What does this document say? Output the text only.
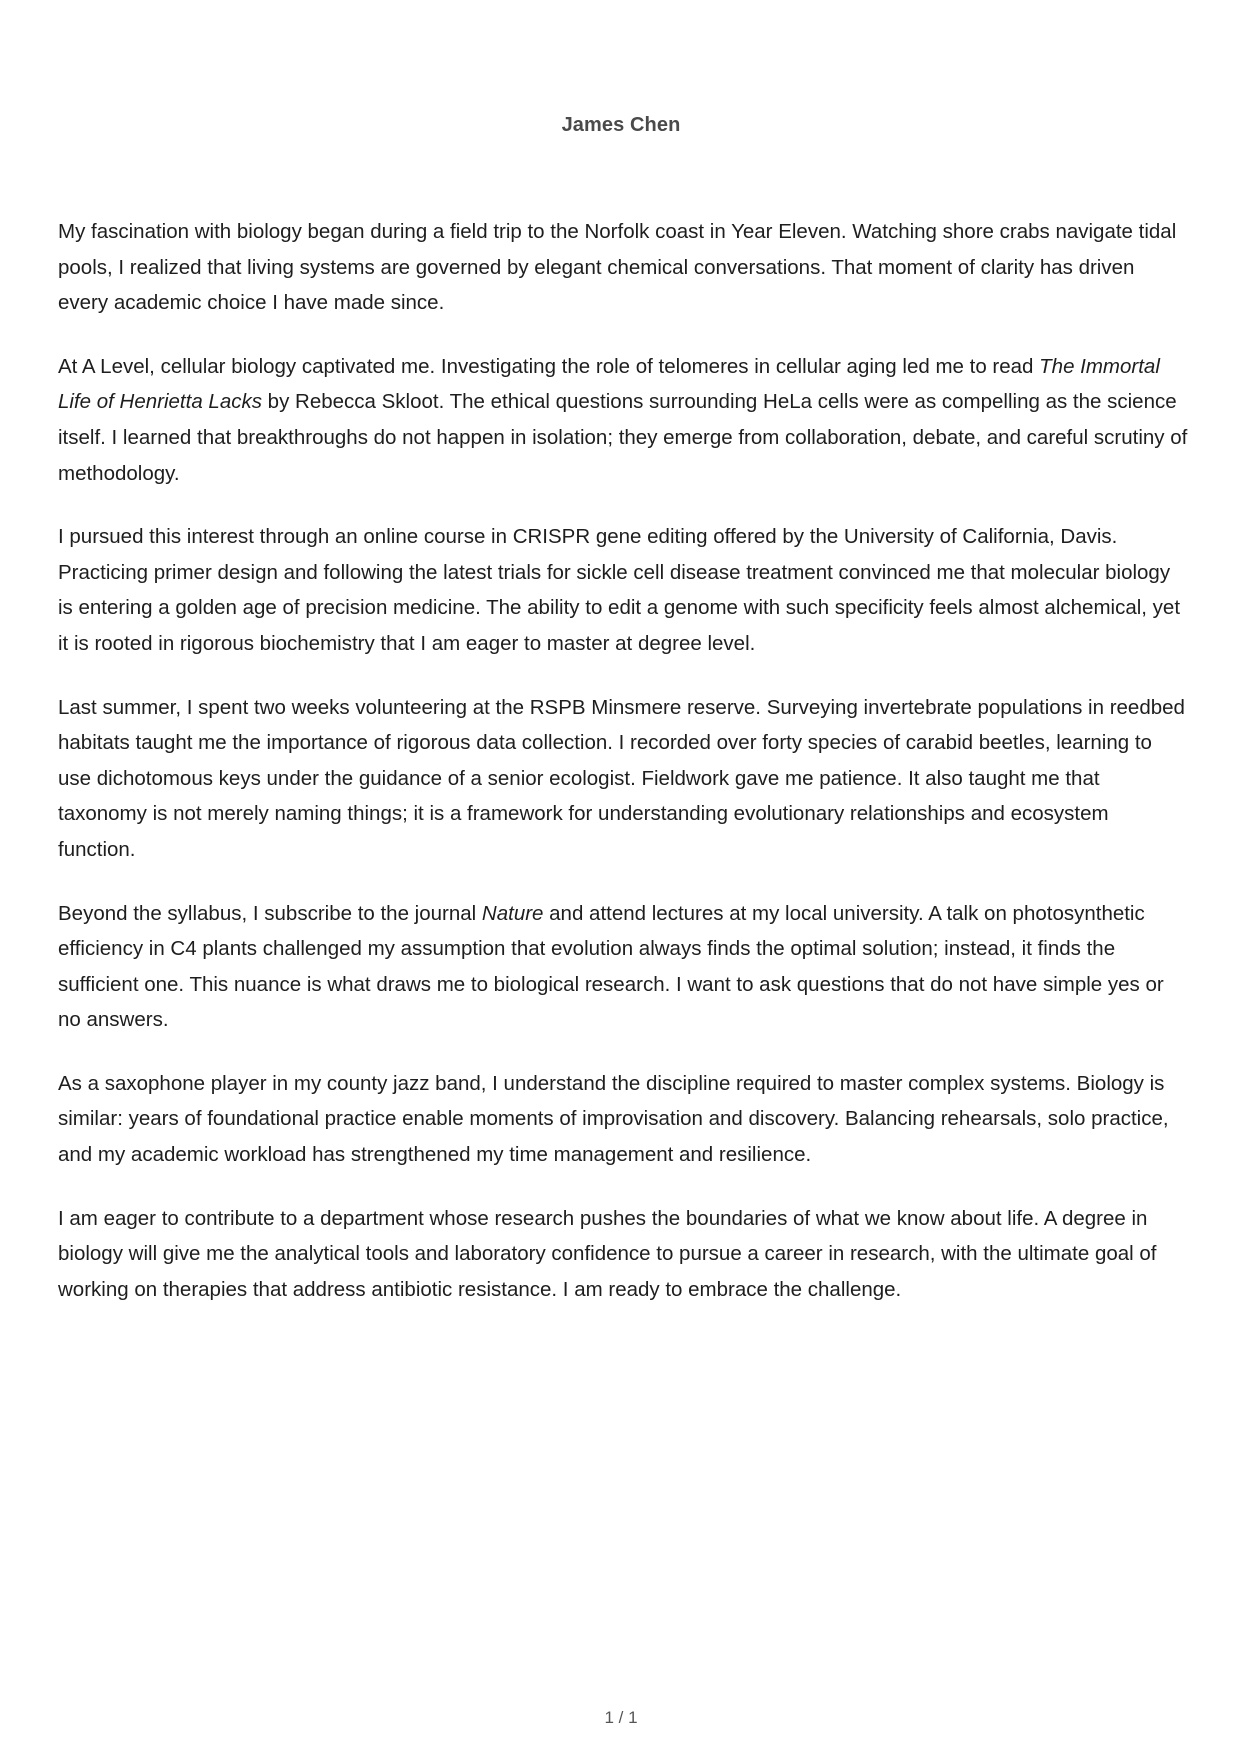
James Chen

My fascination with biology began during a field trip to the Norfolk coast in Year Eleven. Watching shore crabs navigate tidal pools, I realized that living systems are governed by elegant chemical conversations. That moment of clarity has driven every academic choice I have made since.

At A Level, cellular biology captivated me. Investigating the role of telomeres in cellular aging led me to read The Immortal Life of Henrietta Lacks by Rebecca Skloot. The ethical questions surrounding HeLa cells were as compelling as the science itself. I learned that breakthroughs do not happen in isolation; they emerge from collaboration, debate, and careful scrutiny of methodology.

I pursued this interest through an online course in CRISPR gene editing offered by the University of California, Davis. Practicing primer design and following the latest trials for sickle cell disease treatment convinced me that molecular biology is entering a golden age of precision medicine. The ability to edit a genome with such specificity feels almost alchemical, yet it is rooted in rigorous biochemistry that I am eager to master at degree level.

Last summer, I spent two weeks volunteering at the RSPB Minsmere reserve. Surveying invertebrate populations in reedbed habitats taught me the importance of rigorous data collection. I recorded over forty species of carabid beetles, learning to use dichotomous keys under the guidance of a senior ecologist. Fieldwork gave me patience. It also taught me that taxonomy is not merely naming things; it is a framework for understanding evolutionary relationships and ecosystem function.

Beyond the syllabus, I subscribe to the journal Nature and attend lectures at my local university. A talk on photosynthetic efficiency in C4 plants challenged my assumption that evolution always finds the optimal solution; instead, it finds the sufficient one. This nuance is what draws me to biological research. I want to ask questions that do not have simple yes or no answers.

As a saxophone player in my county jazz band, I understand the discipline required to master complex systems. Biology is similar: years of foundational practice enable moments of improvisation and discovery. Balancing rehearsals, solo practice, and my academic workload has strengthened my time management and resilience.

I am eager to contribute to a department whose research pushes the boundaries of what we know about life. A degree in biology will give me the analytical tools and laboratory confidence to pursue a career in research, with the ultimate goal of working on therapies that address antibiotic resistance. I am ready to embrace the challenge.

1 / 1
